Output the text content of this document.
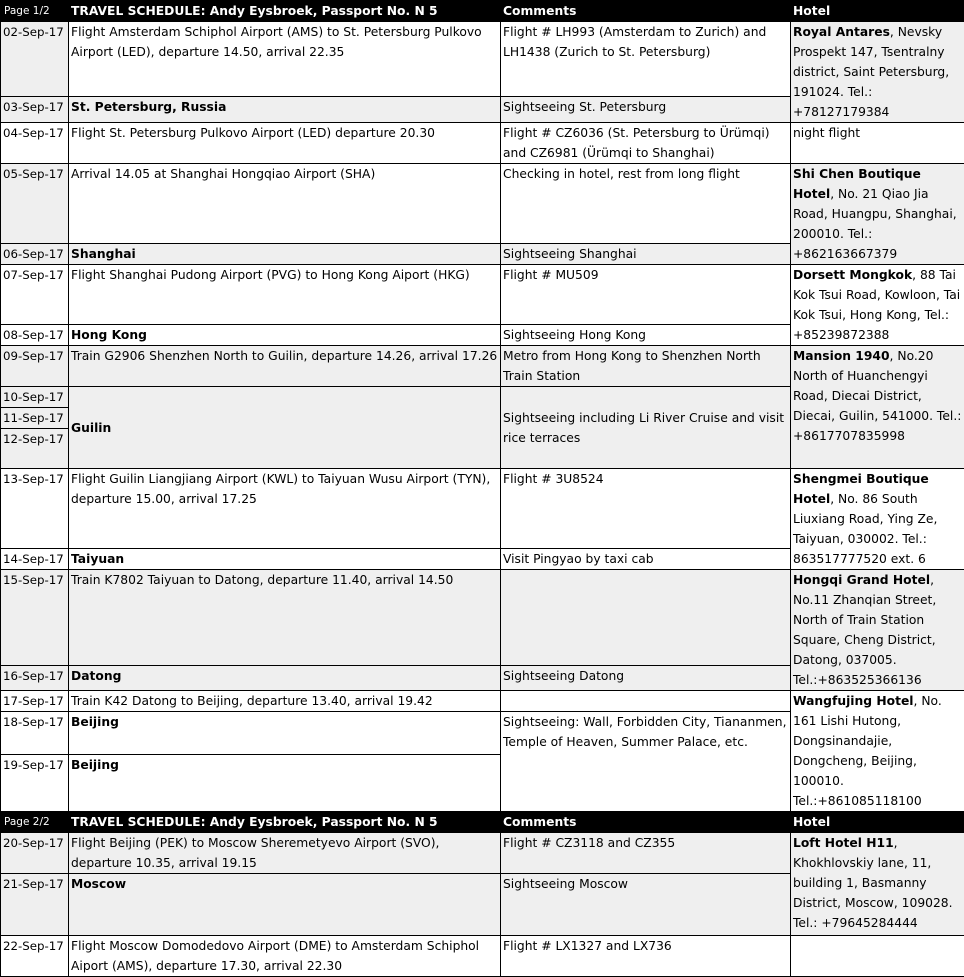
Page 1/2	TRAVEL SCHEDULE: Andy Eysbroek, Passport No. N 5	Comments	Hotel
02-Sep-17	Flight Amsterdam Schiphol Airport (AMS) to St. Petersburg Pulkovo Airport (LED), departure 14.50, arrival 22.35	Flight # LH993 (Amsterdam to Zurich) and LH1438 (Zurich to St. Petersburg)	Royal Antares, Nevsky Prospekt 147, Tsentralny district, Saint Petersburg, 191024. Tel.: +78127179384
03-Sep-17	St. Petersburg, Russia	Sightseeing St. Petersburg	
04-Sep-17	Flight St. Petersburg Pulkovo Airport (LED) departure 20.30	Flight # CZ6036 (St. Petersburg to Ürümqi) and CZ6981 (Ürümqi to Shanghai)	night flight
05-Sep-17	Arrival 14.05 at Shanghai Hongqiao Airport (SHA)	Checking in hotel, rest from long flight	Shi Chen Boutique Hotel, No. 21 Qiao Jia Road, Huangpu, Shanghai, 200010. Tel.: +862163667379
06-Sep-17	Shanghai	Sightseeing Shanghai	
07-Sep-17	Flight Shanghai Pudong Airport (PVG) to Hong Kong Aiport (HKG)	Flight # MU509	Dorsett Mongkok, 88 Tai Kok Tsui Road, Kowloon, Tai Kok Tsui, Hong Kong, Tel.: +85239872388
08-Sep-17	Hong Kong	Sightseeing Hong Kong	
09-Sep-17	Train G2906 Shenzhen North to Guilin, departure 14.26, arrival 17.26	Metro from Hong Kong to Shenzhen North Train Station	Mansion 1940, No.20 North of Huanchengyi Road, Diecai District, Diecai, Guilin, 541000. Tel.: +8617707835998
10-Sep-17	Guilin	Sightseeing including Li River Cruise and visit rice terraces	
11-Sep-17			
12-Sep-17			
13-Sep-17	Flight Guilin Liangjiang Airport (KWL) to Taiyuan Wusu Airport (TYN), departure 15.00, arrival 17.25	Flight # 3U8524	Shengmei Boutique Hotel, No. 86 South Liuxiang Road, Ying Ze, Taiyuan, 030002. Tel.: 863517777520 ext. 6
14-Sep-17	Taiyuan	Visit Pingyao by taxi cab	
15-Sep-17	Train K7802 Taiyuan to Datong, departure 11.40, arrival 14.50		Hongqi Grand Hotel, No.11 Zhanqian Street, North of Train Station Square, Cheng District, Datong, 037005. Tel.:+863525366136
16-Sep-17	Datong	Sightseeing Datong	
17-Sep-17	Train K42 Datong to Beijing, departure 13.40, arrival 19.42		Wangfujing Hotel, No. 161 Lishi Hutong, Dongsinandajie, Dongcheng, Beijing, 100010. Tel.:+861085118100
18-Sep-17	Beijing	Sightseeing: Wall, Forbidden City, Tiananmen, Temple of Heaven, Summer Palace, etc.	
19-Sep-17	Beijing		
Page 2/2	TRAVEL SCHEDULE: Andy Eysbroek, Passport No. N 5	Comments	Hotel
20-Sep-17	Flight Beijing (PEK) to Moscow Sheremetyevo Airport (SVO), departure 10.35, arrival 19.15	Flight # CZ3118 and CZ355	Loft Hotel H11, Khokhlovskiy lane, 11, building 1, Basmanny District, Moscow, 109028. Tel.: +79645284444
21-Sep-17	Moscow	Sightseeing Moscow	
22-Sep-17	Flight Moscow Domodedovo Airport (DME) to Amsterdam Schiphol Aiport (AMS), departure 17.30, arrival 22.30	Flight # LX1327 and LX736	
